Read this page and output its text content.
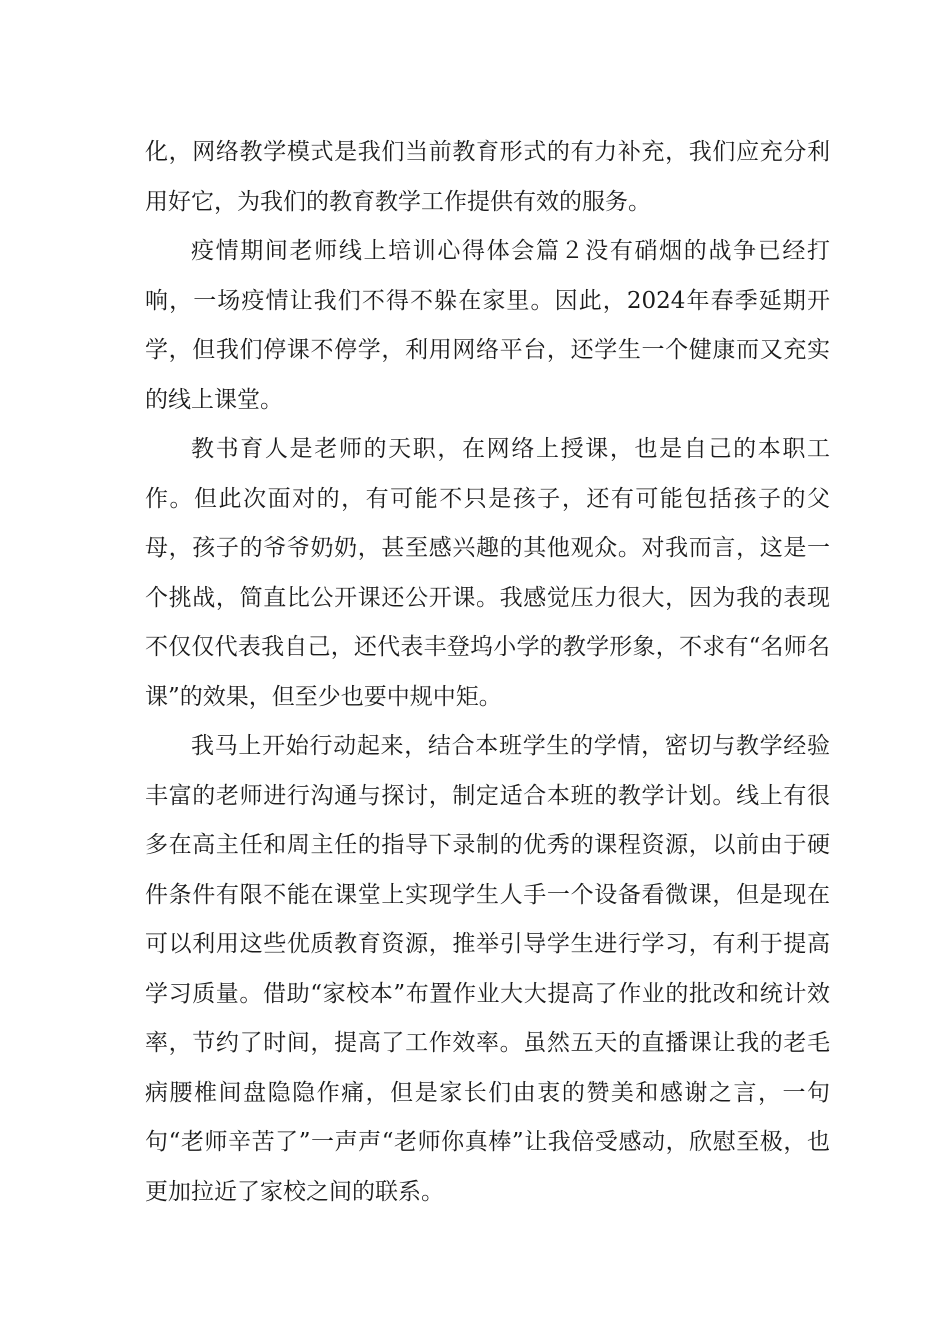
化，网络教学模式是我们当前教育形式的有力补充，我们应充分利用好它，为我们的教育教学工作提供有效的服务。

疫情期间老师线上培训心得体会篇２没有硝烟的战争已经打响，一场疫情让我们不得不躲在家里。因此，2024年春季延期开学，但我们停课不停学，利用网络平台，还学生一个健康而又充实的线上课堂。

教书育人是老师的天职，在网络上授课，也是自己的本职工作。但此次面对的，有可能不只是孩子，还有可能包括孩子的父母，孩子的爷爷奶奶，甚至感兴趣的其他观众。对我而言，这是一个挑战，简直比公开课还公开课。我感觉压力很大，因为我的表现不仅仅代表我自己，还代表丰登坞小学的教学形象，不求有“名师名课”的效果，但至少也要中规中矩。

我马上开始行动起来，结合本班学生的学情，密切与教学经验丰富的老师进行沟通与探讨，制定适合本班的教学计划。线上有很多在高主任和周主任的指导下录制的优秀的课程资源，以前由于硬件条件有限不能在课堂上实现学生人手一个设备看微课，但是现在可以利用这些优质教育资源，推举引导学生进行学习，有利于提高学习质量。借助“家校本”布置作业大大提高了作业的批改和统计效率，节约了时间，提高了工作效率。虽然五天的直播课让我的老毛病腰椎间盘隐隐作痛，但是家长们由衷的赞美和感谢之言，一句句“老师辛苦了”一声声“老师你真棒”让我倍受感动，欣慰至极，也更加拉近了家校之间的联系。
